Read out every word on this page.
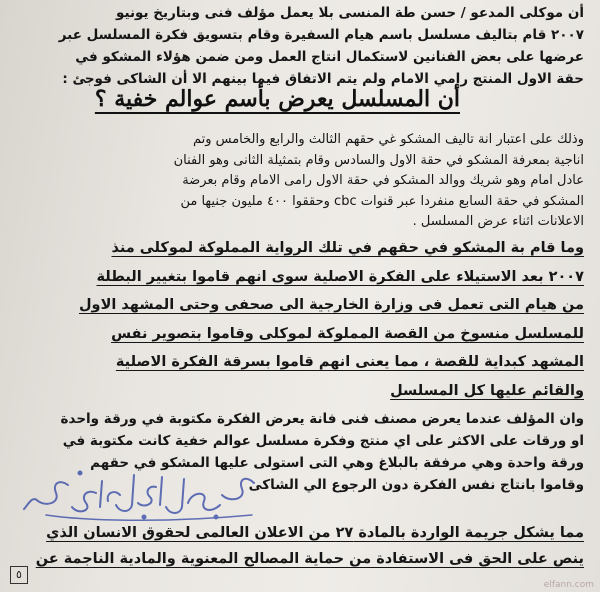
أن موكلى المدعو / حسن طة المنسى بلا يعمل مؤلف فنى وبتاريخ يونيو
٢٠٠٧ قام بتاليف مسلسل باسم هيام السفيرة وقام بتسويق فكرة المسلسل عبر
عرضها على بعض الفنانين لاستكمال انتاج العمل ومن ضمن هؤلاء المشكو في
حقة الاول المنتج رامي الامام ولم يتم الاتفاق فيما بينهم الا أن الشاكى فوجئ :
أن المسلسل يعرض بأسم عوالم خفية ؟
وذلك على اعتبار انة تاليف المشكو غي حقهم الثالث والرابع والخامس وتم
اناجية بمعرفة المشكو في حقة الاول والسادس وقام بتمثيلة الثانى وهو الفنان
عادل امام وهو شريك ووالد المشكو في حقة الاول رامى الامام وقام بعرضة
المشكو في حقة السابع منفردا عبر قنوات cbc وحققوا ٤٠٠ مليون جنيها من
الاعلانات اثناء عرض المسلسل .
وما قام بة المشكو في حقهم في تلك الرواية المملوكة لموكلى منذ
٢٠٠٧ بعد الاستيلاء على الفكرة الاصلية سوى انهم قاموا بتغيير البطلة
من هيام التى تعمل فى وزارة الخارجية الى صحفى وحتى المشهد الاول
للمسلسل منسوخ من القصة المملوكة لموكلى وقاموا بتصوير نفس
المشهد كبداية للقصة ، مما يعنى انهم قاموا بسرقة الفكرة الاصلية
والقائم عليها كل المسلسل
وان المؤلف عندما يعرض مصنف فنى فانة يعرض الفكرة مكتوبة في ورقة واحدة
او ورقات على الاكثر على اي منتج وفكرة مسلسل عوالم خفية كانت مكتوبة في
ورقة واحدة وهي مرفقة بالبلاغ وهي التى استولى عليها المشكو في حقهم
وقاموا بانتاج نفس الفكرة دون الرجوع الي الشاكى
مما يشكل جريمة الواردة بالمادة ٢٧ من الاعلان العالمى لحقوق الانسان الذي
ينص على الحق فى الاستفادة من حماية المصالح المعنوية والمادية الناجمة عن
٥
elfann.com
